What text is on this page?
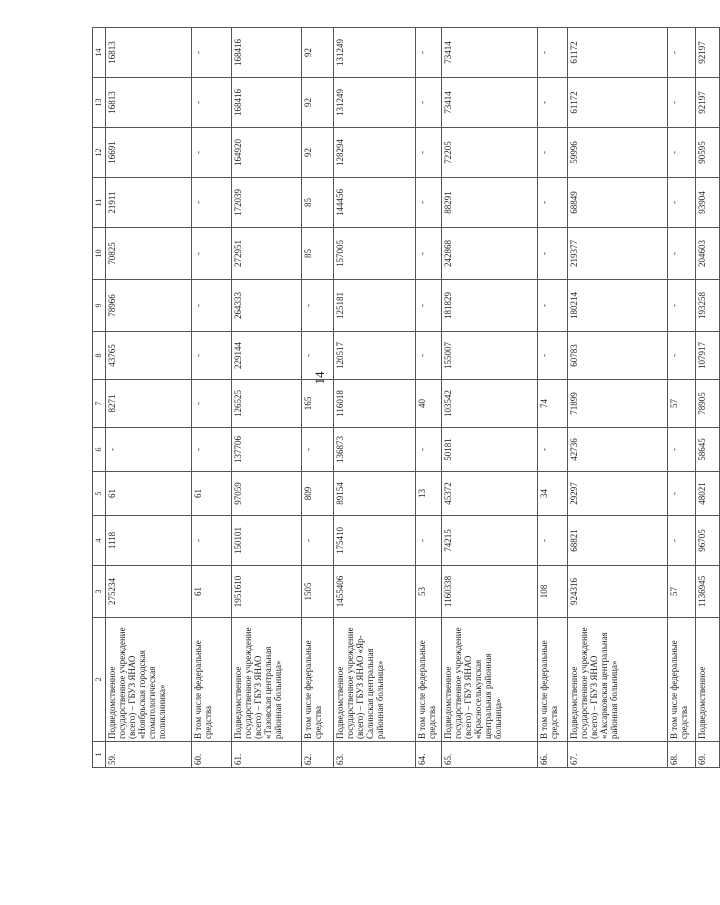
14
1	2	3	4	5	6	7	8	9	10	11	12	13	14
59.	Подведомственное государственное учреждение (всего) – ГБУЗ ЯНАО «Ноябрьская городская стоматологическая поликлиника»	275234	1118	61	-	8271	43765	78966	70825	21911	16691	16813	16813
60.	В том числе федеральные средства	61	-	61	-	-	-	-	-	-	-	-	-
61.	Подведомственное государственное учреждение (всего) – ГБУЗ ЯНАО «Тазовская центральная районная больница»	1951610	150101	97059	137706	126525	229144	264333	272951	172039	164920	168416	168416
62.	В том числе федеральные средства	1505	-	809	-	165	-	-	85	85	92	92	92
63.	Подведомственное государственное учреждение (всего) – ГБУЗ ЯНАО «Яр-Салинская центральная районная больница»	1455406	175410	89154	136873	116018	120517	125181	157005	144456	128294	131249	131249
64.	В том числе федеральные средства	53	-	13	-	40	-	-	-	-	-	-	-
65.	Подведомственное государственное учреждение (всего) – ГБУЗ ЯНАО «Красноселькупская центральная районная больница»	1160338	74215	45372	50181	103542	155007	181829	242868	88291	72205	73414	73414
66.	В том числе федеральные средства	108	-	34	-	74	-	-	-	-	-	-	-
67.	Подведомственное государственное учреждение (всего) – ГБУЗ ЯНАО «Аксарковская центральная районная больница»	924316	68821	29297	42736	71899	60783	180214	219377	68849	59996	61172	61172
68.	В том числе федеральные средства	57	-	-	-	57	-	-	-	-	-	-	-
69.	Подведомственное	1136945	96705	48021	58645	78905	107917	193258	204603	93904	90595	92197	92197
